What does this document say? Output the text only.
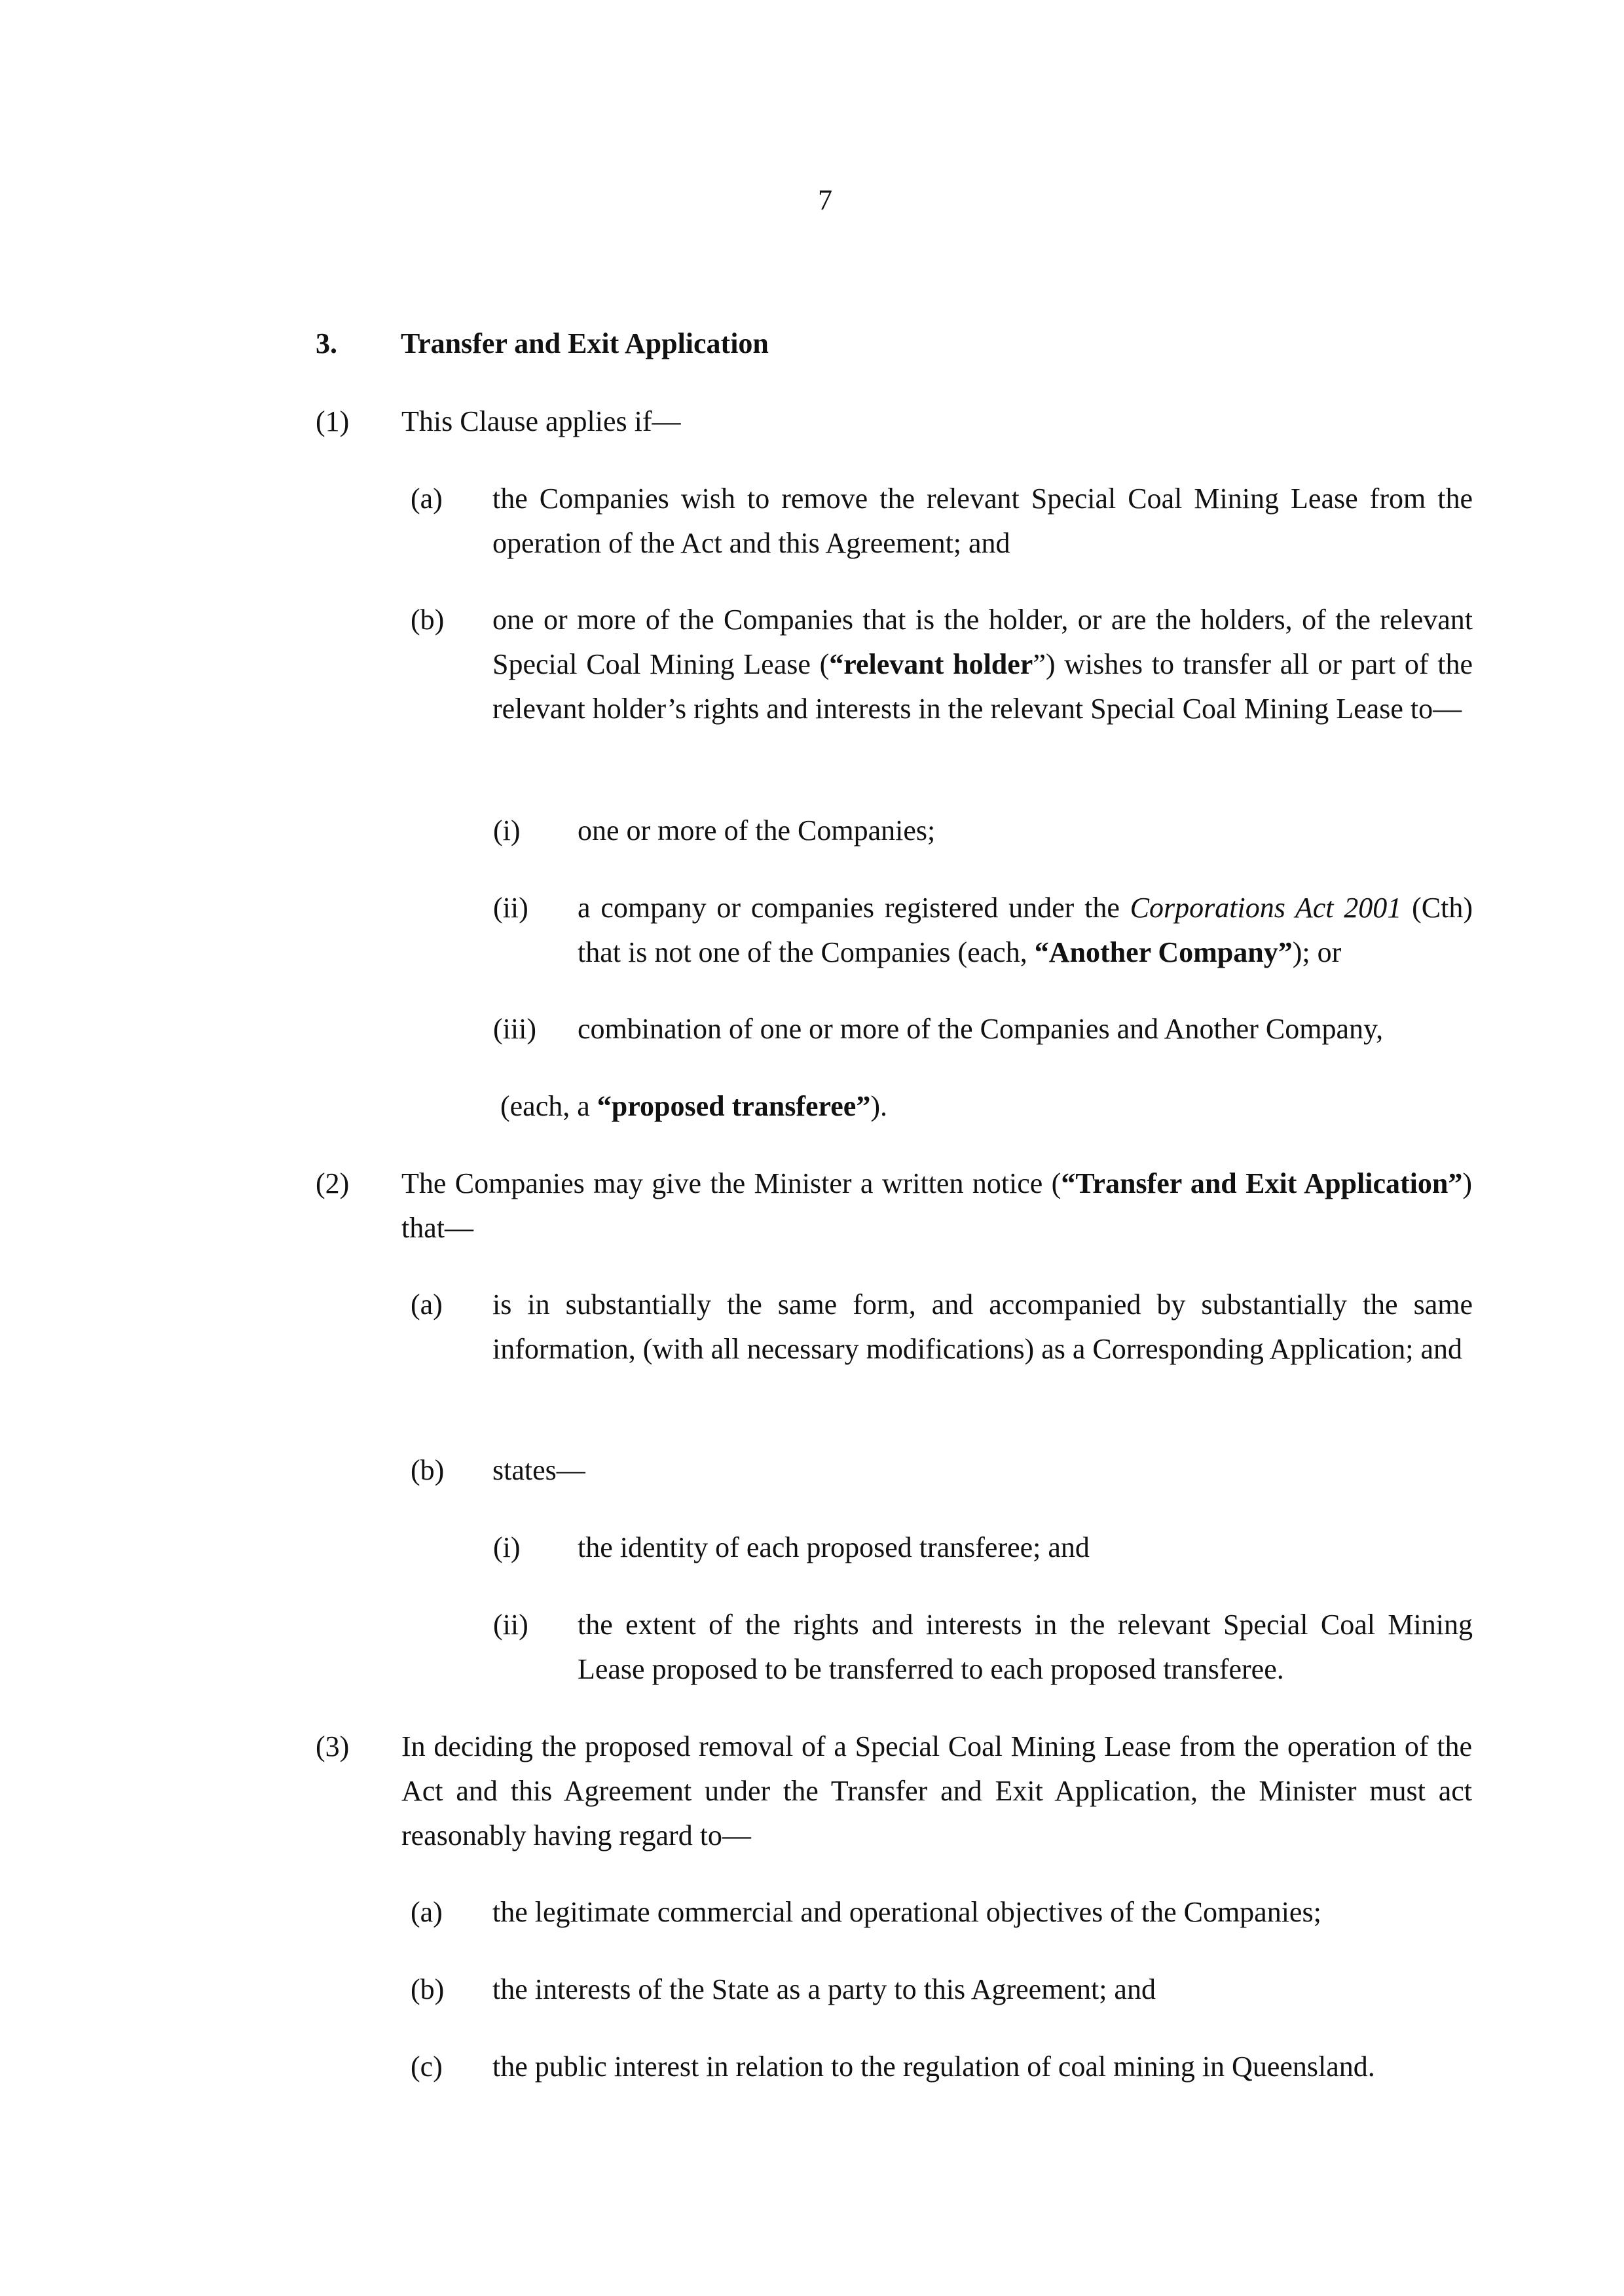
7
3. Transfer and Exit Application
(1) This Clause applies if—
(a) the Companies wish to remove the relevant Special Coal Mining Lease from the operation of the Act and this Agreement; and
(b) one or more of the Companies that is the holder, or are the holders, of the relevant Special Coal Mining Lease (“relevant holder”) wishes to transfer all or part of the relevant holder’s rights and interests in the relevant Special Coal Mining Lease to—
(i) one or more of the Companies;
(ii) a company or companies registered under the Corporations Act 2001 (Cth) that is not one of the Companies (each, “Another Company”); or
(iii) combination of one or more of the Companies and Another Company,
(each, a “proposed transferee”).
(2) The Companies may give the Minister a written notice (“Transfer and Exit Application”) that—
(a) is in substantially the same form, and accompanied by substantially the same information, (with all necessary modifications) as a Corresponding Application; and
(b) states—
(i) the identity of each proposed transferee; and
(ii) the extent of the rights and interests in the relevant Special Coal Mining Lease proposed to be transferred to each proposed transferee.
(3) In deciding the proposed removal of a Special Coal Mining Lease from the operation of the Act and this Agreement under the Transfer and Exit Application, the Minister must act reasonably having regard to—
(a) the legitimate commercial and operational objectives of the Companies;
(b) the interests of the State as a party to this Agreement; and
(c) the public interest in relation to the regulation of coal mining in Queensland.
